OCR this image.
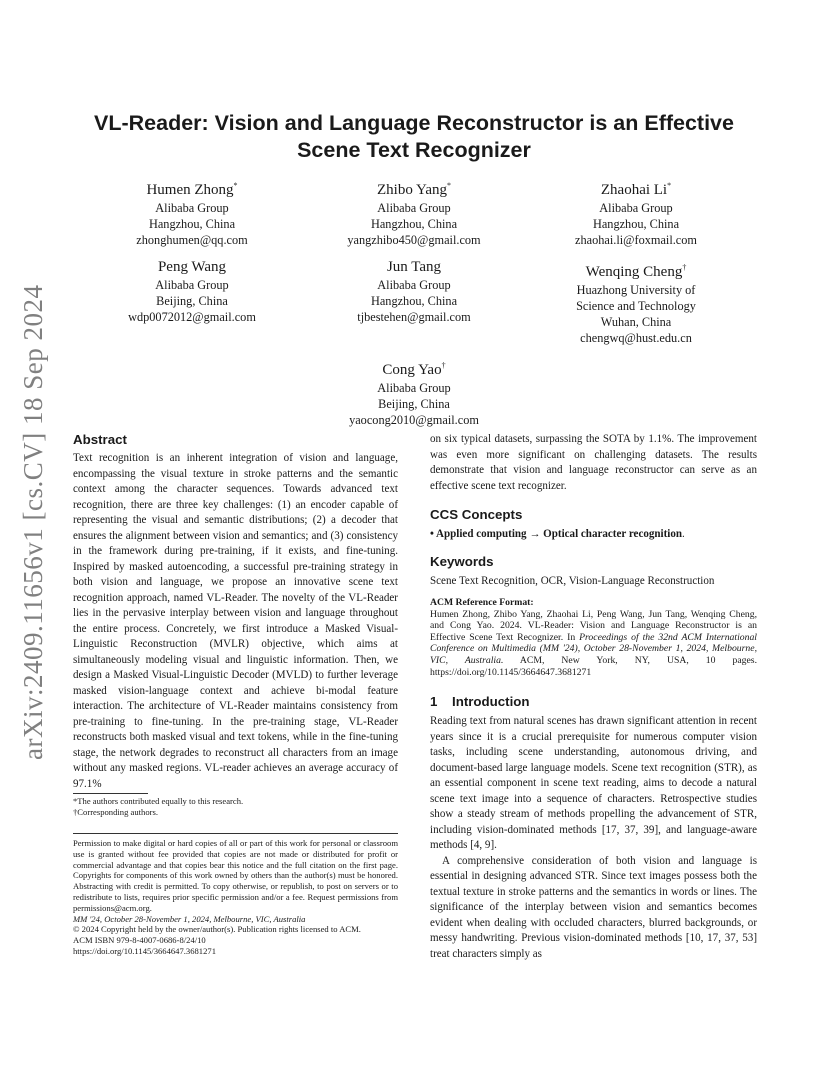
arXiv:2409.11656v1 [cs.CV] 18 Sep 2024
VL-Reader: Vision and Language Reconstructor is an Effective
Scene Text Recognizer
Humen Zhong*
Alibaba Group
Hangzhou, China
zhonghumen@qq.com
Zhibo Yang*
Alibaba Group
Hangzhou, China
yangzhibo450@gmail.com
Zhaohai Li*
Alibaba Group
Hangzhou, China
zhaohai.li@foxmail.com
Peng Wang
Alibaba Group
Beijing, China
wdp0072012@gmail.com
Jun Tang
Alibaba Group
Hangzhou, China
tjbestehen@gmail.com
Wenqing Cheng†
Huazhong University of
Science and Technology
Wuhan, China
chengwq@hust.edu.cn
Cong Yao†
Alibaba Group
Beijing, China
yaocong2010@gmail.com
Abstract

Text recognition is an inherent integration of vision and language, encompassing the visual texture in stroke patterns and the semantic context among the character sequences. Towards advanced text recognition, there are three key challenges: (1) an encoder capable of representing the visual and semantic distributions; (2) a decoder that ensures the alignment between vision and semantics; and (3) consistency in the framework during pre-training, if it exists, and fine-tuning. Inspired by masked autoencoding, a successful pre-training strategy in both vision and language, we propose an innovative scene text recognition approach, named VL-Reader. The novelty of the VL-Reader lies in the pervasive interplay between vision and language throughout the entire process. Concretely, we first introduce a Masked Visual-Linguistic Reconstruction (MVLR) objective, which aims at simultaneously modeling visual and linguistic information. Then, we design a Masked Visual-Linguistic Decoder (MVLD) to further leverage masked vision-language context and achieve bi-modal feature interaction. The architecture of VL-Reader maintains consistency from pre-training to fine-tuning. In the pre-training stage, VL-Reader reconstructs both masked visual and text tokens, while in the fine-tuning stage, the network degrades to reconstruct all characters from an image without any masked regions. VL-reader achieves an average accuracy of 97.1%

*The authors contributed equally to this research.
†Corresponding authors.
Permission to make digital or hard copies of all or part of this work for personal or classroom use is granted without fee provided that copies are not made or distributed for profit or commercial advantage and that copies bear this notice and the full citation on the first page. Copyrights for components of this work owned by others than the author(s) must be honored. Abstracting with credit is permitted. To copy otherwise, or republish, to post on servers or to redistribute to lists, requires prior specific permission and/or a fee. Request permissions from permissions@acm.org.
MM '24, October 28-November 1, 2024, Melbourne, VIC, Australia
© 2024 Copyright held by the owner/author(s). Publication rights licensed to ACM.
ACM ISBN 979-8-4007-0686-8/24/10
https://doi.org/10.1145/3664647.3681271

on six typical datasets, surpassing the SOTA by 1.1%. The improvement was even more significant on challenging datasets. The results demonstrate that vision and language reconstructor can serve as an effective scene text recognizer.

CCS Concepts

• Applied computing → Optical character recognition.

Keywords

Scene Text Recognition, OCR, Vision-Language Reconstruction

ACM Reference Format:
Humen Zhong, Zhibo Yang, Zhaohai Li, Peng Wang, Jun Tang, Wenqing Cheng, and Cong Yao. 2024. VL-Reader: Vision and Language Reconstructor is an Effective Scene Text Recognizer. In Proceedings of the 32nd ACM International Conference on Multimedia (MM '24), October 28-November 1, 2024, Melbourne, VIC, Australia. ACM, New York, NY, USA, 10 pages. https://doi.org/10.1145/3664647.3681271
1 Introduction

Reading text from natural scenes has drawn significant attention in recent years since it is a crucial prerequisite for numerous computer vision tasks, including scene understanding, autonomous driving, and document-based large language models. Scene text recognition (STR), as an essential component in scene text reading, aims to decode a natural scene text image into a sequence of characters. Retrospective studies show a steady stream of methods propelling the advancement of STR, including vision-dominated methods [17, 37, 39], and language-aware methods [4, 9].

A comprehensive consideration of both vision and language is essential in designing advanced STR. Since text images possess both the textual texture in stroke patterns and the semantics in words or lines. The significance of the interplay between vision and semantics becomes evident when dealing with occluded characters, blurred backgrounds, or messy handwriting. Previous vision-dominated methods [10, 17, 37, 53] treat characters simply as
